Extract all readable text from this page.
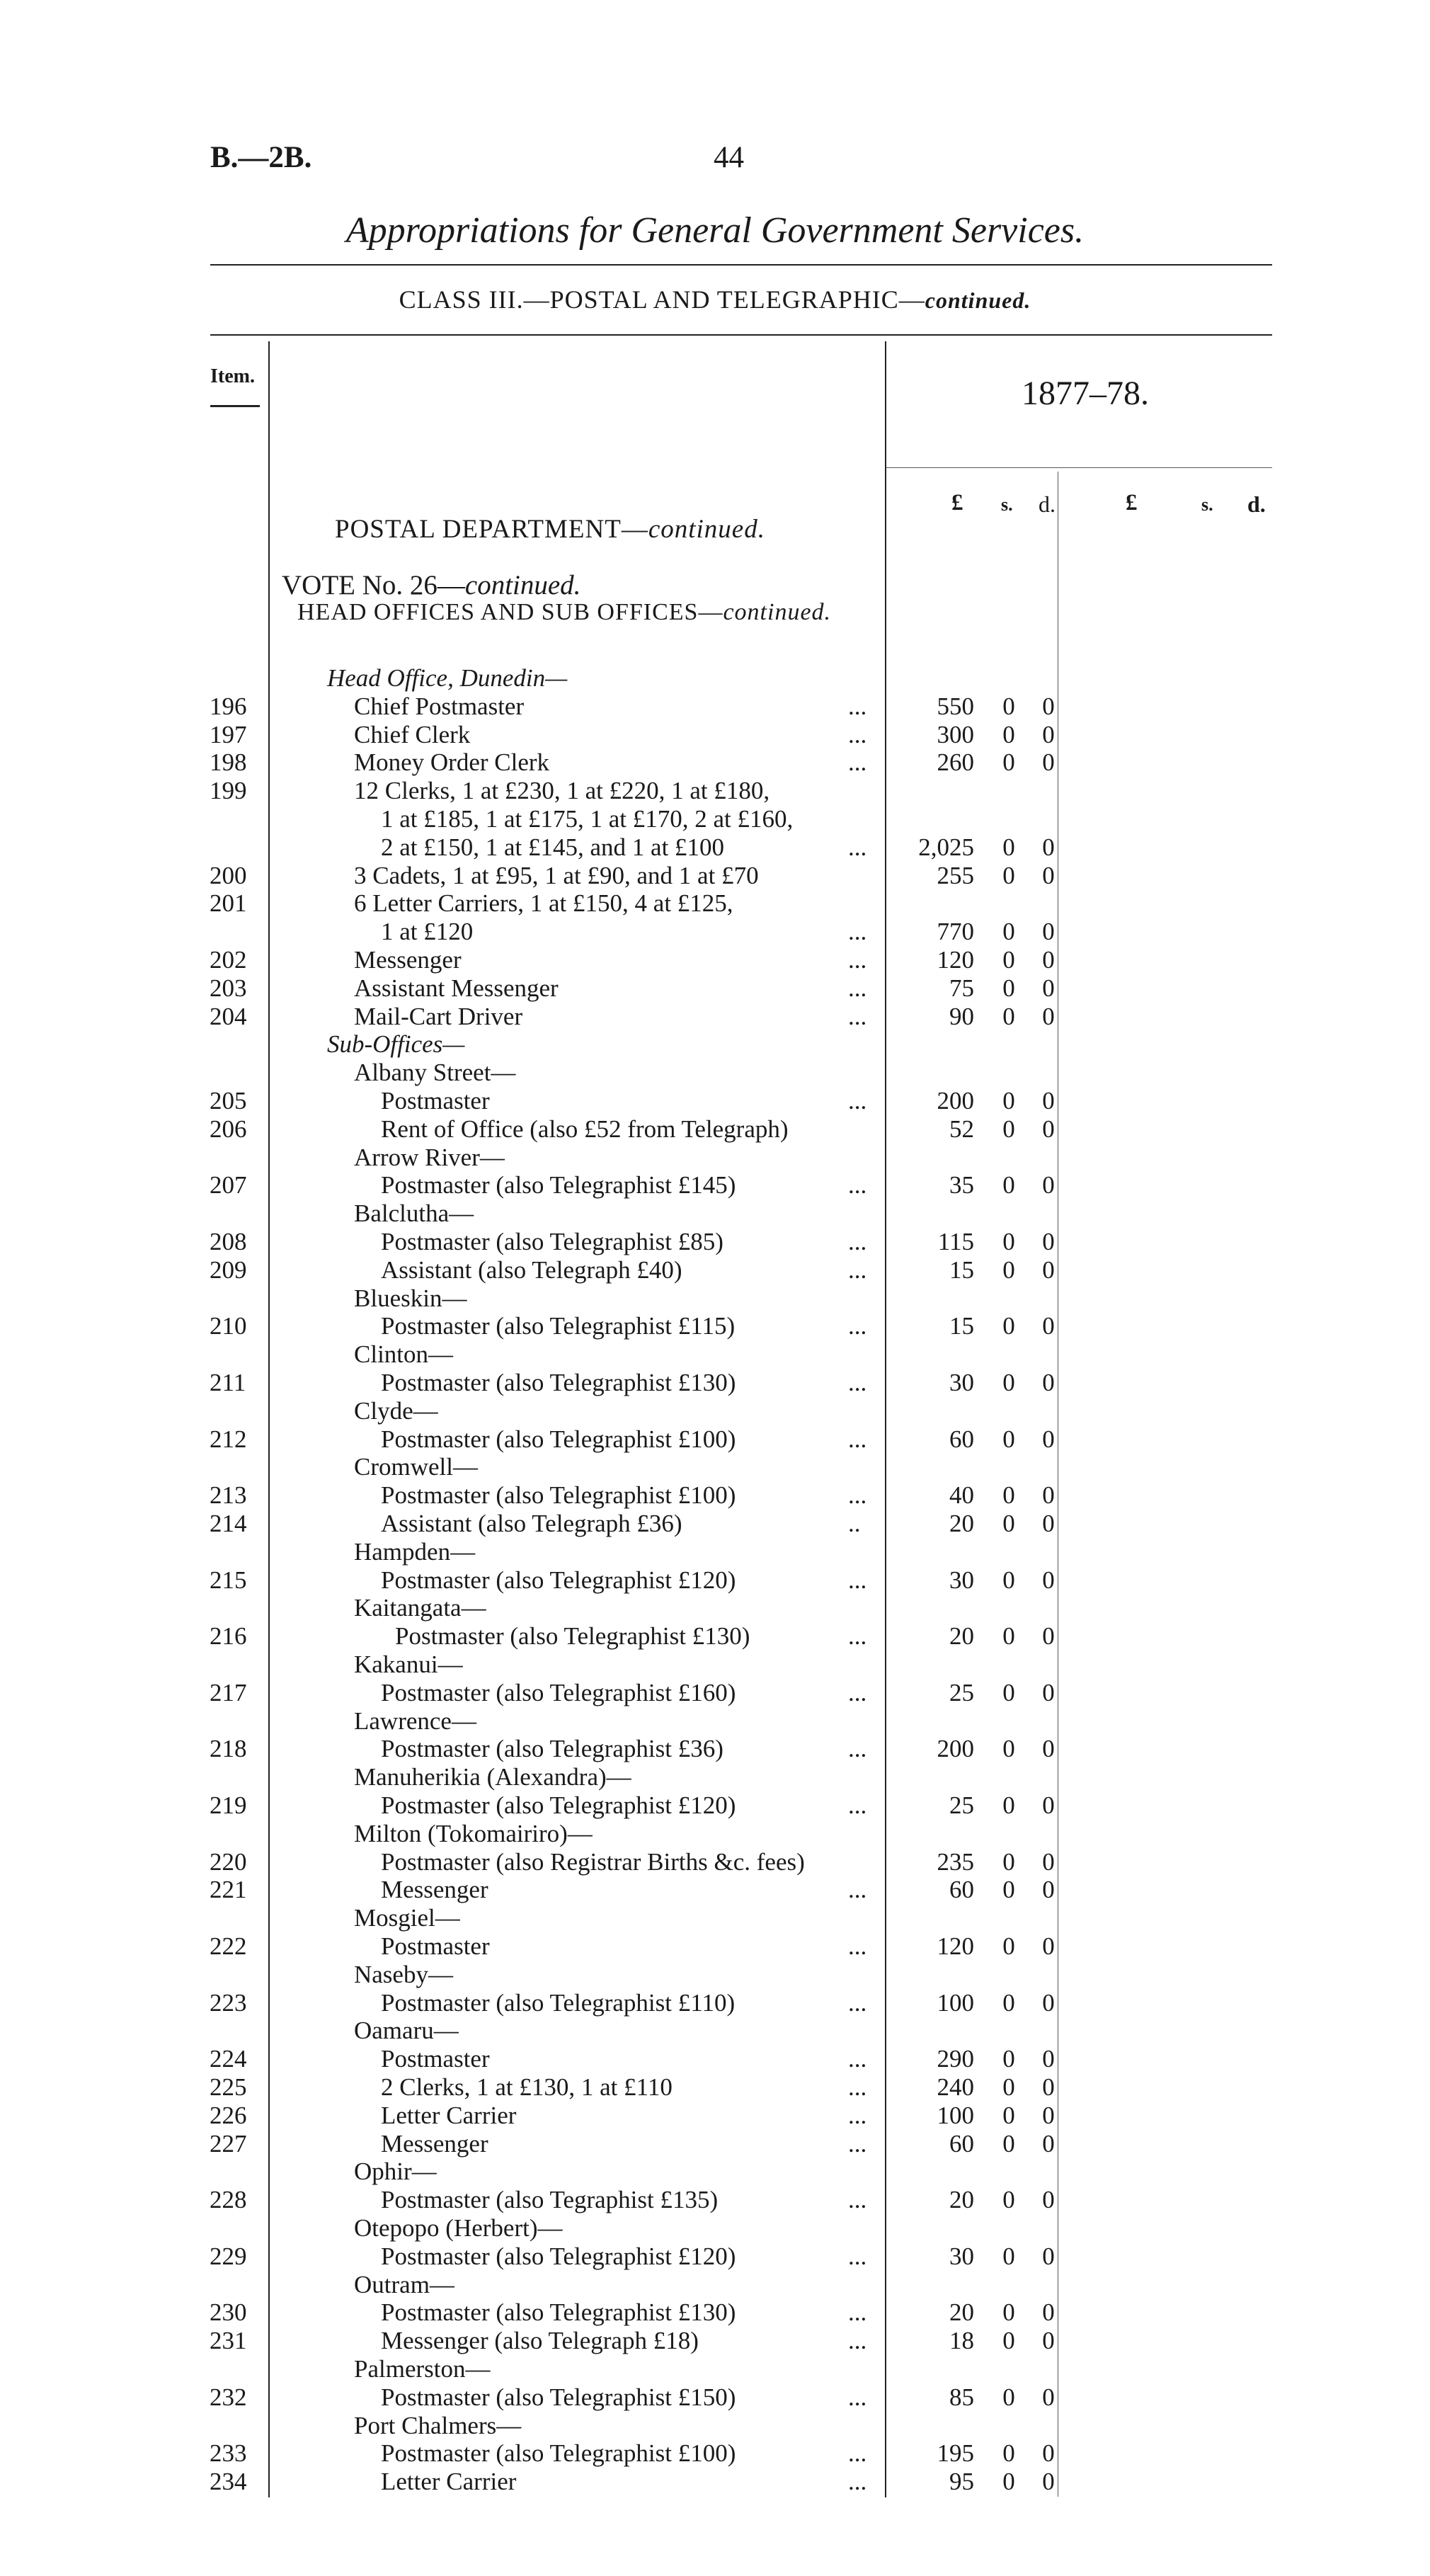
B.—2B.	44
Appropriations for General Government Services.
CLASS III.—POSTAL AND TELEGRAPHIC—continued.
Item.	1877–78.
£ s. d.	£	s. d.
POSTAL DEPARTMENT—continued.
VOTE No. 26—continued.
HEAD OFFICES AND SUB OFFICES—continued.
Head Office, Dunedin—
196	Chief Postmaster	...	550 0 0
197	Chief Clerk	...	300 0 0
198	Money Order Clerk	...	260 0 0
199	12 Clerks, 1 at £230, 1 at £220, 1 at £180,
1 at £185, 1 at £175, 1 at £170, 2 at £160,
2 at £150, 1 at £145, and 1 at £100	...	2,025 0 0
200	3 Cadets, 1 at £95, 1 at £90, and 1 at £70	255 0 0
201	6 Letter Carriers, 1 at £150, 4 at £125,
1 at £120	...	770 0 0
202	Messenger	...	120 0 0
203	Assistant Messenger	...	75 0 0
204	Mail-Cart Driver	...	90 0 0
Sub-Offices—
Albany Street—
205	Postmaster	...	200 0 0
206	Rent of Office (also £52 from Telegraph)	52 0 0
Arrow River—
207	Postmaster (also Telegraphist £145)	...	35 0 0
Balclutha—
208	Postmaster (also Telegraphist £85)	...	115 0 0
209	Assistant (also Telegraph £40)	...	15 0 0
Blueskin—
210	Postmaster (also Telegraphist £115)	...	15 0 0
Clinton—
211	Postmaster (also Telegraphist £130)	...	30 0 0
Clyde—
212	Postmaster (also Telegraphist £100)	...	60 0 0
Cromwell—
213	Postmaster (also Telegraphist £100)	...	40 0 0
214	Assistant (also Telegraph £36)	..	20 0 0
Hampden—
215	Postmaster (also Telegraphist £120)	...	30 0 0
Kaitangata—
216	Postmaster (also Telegraphist £130)	...	20 0 0
Kakanui—
217	Postmaster (also Telegraphist £160)	...	25 0 0
Lawrence—
218	Postmaster (also Telegraphist £36)	...	200 0 0
Manuherikia (Alexandra)—
219	Postmaster (also Telegraphist £120)	...	25 0 0
Milton (Tokomairiro)—
220	Postmaster (also Registrar Births &c. fees)	235 0 0
221	Messenger	...	60 0 0
Mosgiel—
222	Postmaster	...	120 0 0
Naseby—
223	Postmaster (also Telegraphist £110)	...	100 0 0
Oamaru—
224	Postmaster	...	290 0 0
225	2 Clerks, 1 at £130, 1 at £110	...	240 0 0
226	Letter Carrier	...	100 0 0
227	Messenger	...	60 0 0
Ophir—
228	Postmaster (also Tegraphist £135)	...	20 0 0
Otepopo (Herbert)—
229	Postmaster (also Telegraphist £120)	...	30 0 0
Outram—
230	Postmaster (also Telegraphist £130)	...	20 0 0
231	Messenger (also Telegraph £18)	...	18 0 0
Palmerston—
232	Postmaster (also Telegraphist £150)	...	85 0 0
Port Chalmers—
233	Postmaster (also Telegraphist £100)	...	195 0 0
234	Letter Carrier	...	95 0 0
